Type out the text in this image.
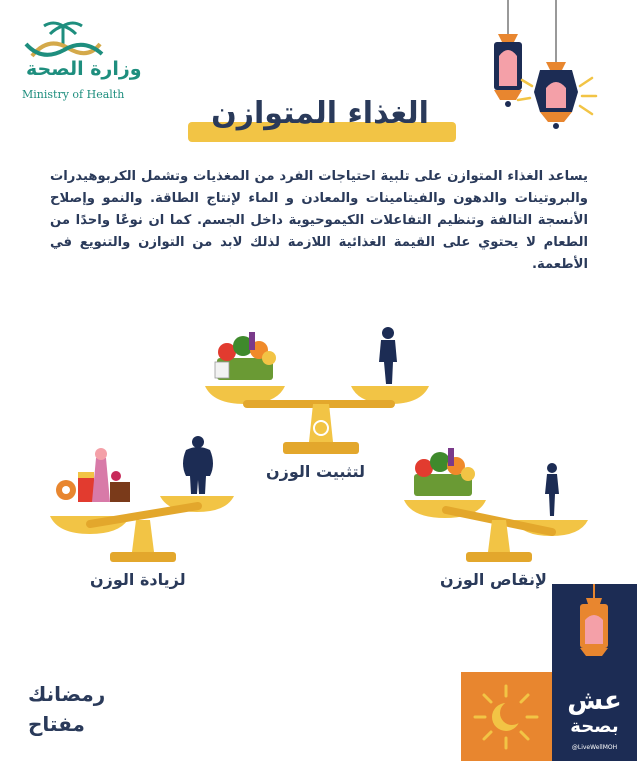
وزارة الصحة
Ministry of Health
الغذاء المتوازن
يساعد الغذاء المتوازن على تلبية احتياجات الفرد من المغذيات وتشمل الكربوهيدرات والبروتينات والدهون والفيتامينات والمعادن و الماء لإنتاج الطاقة. والنمو وإصلاح الأنسجة التالفة وتنظيم التفاعلات الكيموحيوية داخل الجسم. كما ان نوعًا واحدًا من الطعام لا يحتوي على القيمة الغذائية اللازمة لذلك لابد من التوازن والتنويع في الأطعمة.
لتثبيت الوزن
لإنقاص الوزن
لزيادة الوزن
رمضانك
مفتاح
عش
بصحة
@LiveWellMOH
